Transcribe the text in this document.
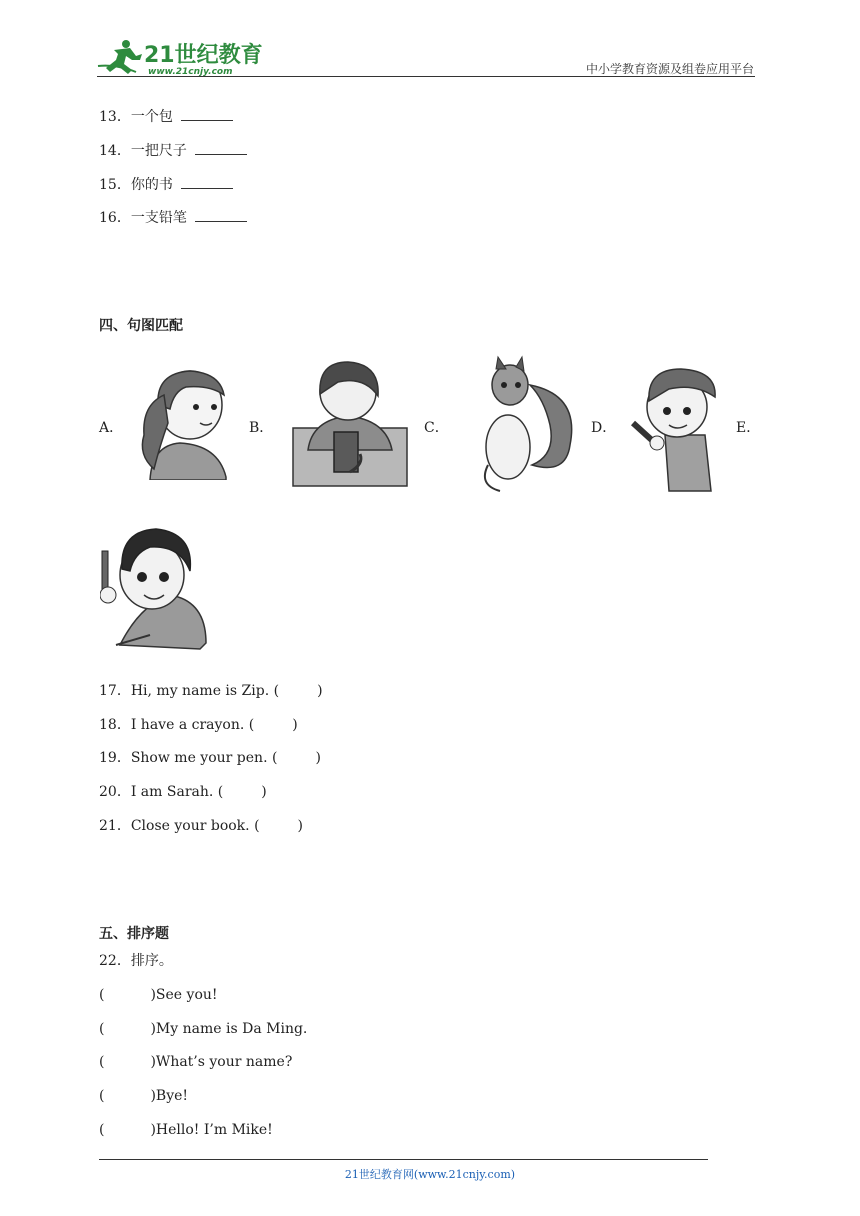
21世纪教育
www.21cnjy.com	中小学教育资源及组卷应用平台
13．一个包
14．一把尺子
15．你的书
16．一支铅笔
四、句图匹配
A．	B．	C．	D．	E．
17．Hi, my name is Zip. (	)
18．I have a crayon. (	)
19．Show me your pen. (	)
20．I am Sarah. (	)
21．Close your book. (	)
五、排序题
22．排序。
(	)See you!
(	)My name is Da Ming.
(	)What’s your name?
(	)Bye!
(	)Hello! I’m Mike!
21世纪教育网(www.21cnjy.com)
